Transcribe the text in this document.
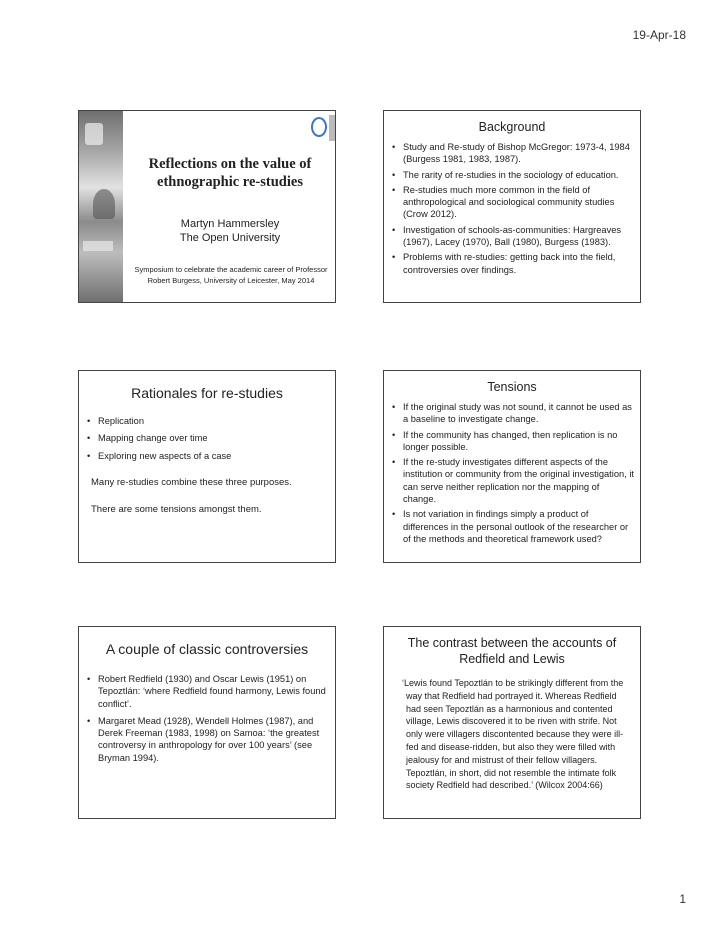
19-Apr-18
Reflections on the value of ethnographic re-studies
Martyn Hammersley
The Open University
Symposium to celebrate the academic career of Professor Robert Burgess, University of Leicester, May 2014
Background
• Study and Re-study of Bishop McGregor: 1973-4, 1984 (Burgess 1981, 1983, 1987).
• The rarity of re-studies in the sociology of education.
• Re-studies much more common in the field of anthropological and sociological community studies (Crow 2012).
• Investigation of schools-as-communities: Hargreaves (1967), Lacey (1970), Ball (1980), Burgess (1983).
• Problems with re-studies: getting back into the field, controversies over findings.
Rationales for re-studies
• Replication
• Mapping change over time
• Exploring new aspects of a case
Many re-studies combine these three purposes.
There are some tensions amongst them.
Tensions
• If the original study was not sound, it cannot be used as a baseline to investigate change.
• If the community has changed, then replication is no longer possible.
• If the re-study investigates different aspects of the institution or community from the original investigation, it can serve neither replication nor the mapping of change.
• Is not variation in findings simply a product of differences in the personal outlook of the researcher or of the methods and theoretical framework used?
A couple of classic controversies
• Robert Redfield (1930) and Oscar Lewis (1951) on Tepoztlán: ‘where Redfield found harmony, Lewis found conflict’.
• Margaret Mead (1928), Wendell Holmes (1987), and Derek Freeman (1983, 1998) on Samoa: ‘the greatest controversy in anthropology for over 100 years’ (see Bryman 1994).
The contrast between the accounts of Redfield and Lewis
‘Lewis found Tepoztlán to be strikingly different from the way that Redfield had portrayed it. Whereas Redfield had seen Tepoztlán as a harmonious and contented village, Lewis discovered it to be riven with strife. Not only were villagers discontented because they were ill-fed and disease-ridden, but also they were filled with jealousy for and mistrust of their fellow villagers. Tepoztlán, in short, did not resemble the intimate folk society Redfield had described.’ (Wilcox 2004:66)
1
